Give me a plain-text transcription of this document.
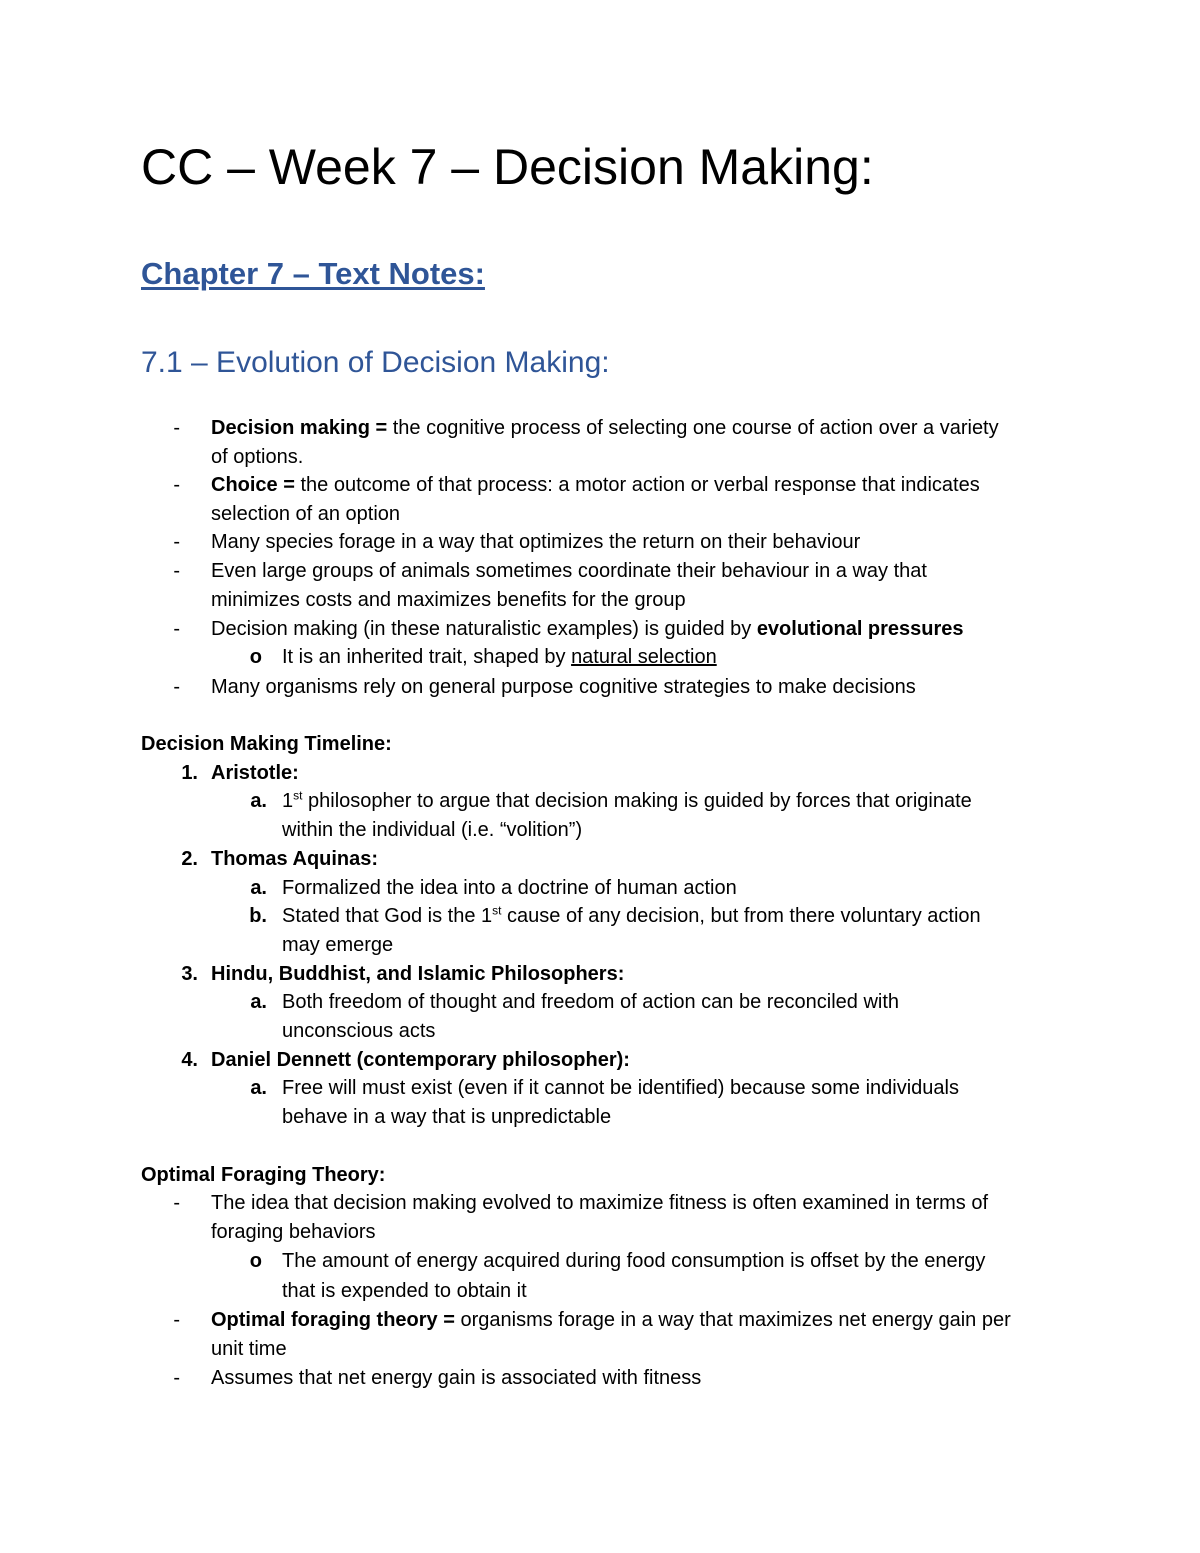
CC – Week 7 – Decision Making:
Chapter 7 – Text Notes:
7.1 – Evolution of Decision Making:
- Decision making = the cognitive process of selecting one course of action over a variety
of options.
- Choice = the outcome of that process: a motor action or verbal response that indicates
selection of an option
- Many species forage in a way that optimizes the return on their behaviour
- Even large groups of animals sometimes coordinate their behaviour in a way that
minimizes costs and maximizes benefits for the group
- Decision making (in these naturalistic examples) is guided by evolutional pressures
o It is an inherited trait, shaped by natural selection
- Many organisms rely on general purpose cognitive strategies to make decisions
Decision Making Timeline:
1. Aristotle:
a. 1st philosopher to argue that decision making is guided by forces that originate
within the individual (i.e. “volition”)
2. Thomas Aquinas:
a. Formalized the idea into a doctrine of human action
b. Stated that God is the 1st cause of any decision, but from there voluntary action
may emerge
3. Hindu, Buddhist, and Islamic Philosophers:
a. Both freedom of thought and freedom of action can be reconciled with
unconscious acts
4. Daniel Dennett (contemporary philosopher):
a. Free will must exist (even if it cannot be identified) because some individuals
behave in a way that is unpredictable
Optimal Foraging Theory:
- The idea that decision making evolved to maximize fitness is often examined in terms of
foraging behaviors
o The amount of energy acquired during food consumption is offset by the energy
that is expended to obtain it
- Optimal foraging theory = organisms forage in a way that maximizes net energy gain per
unit time
- Assumes that net energy gain is associated with fitness
